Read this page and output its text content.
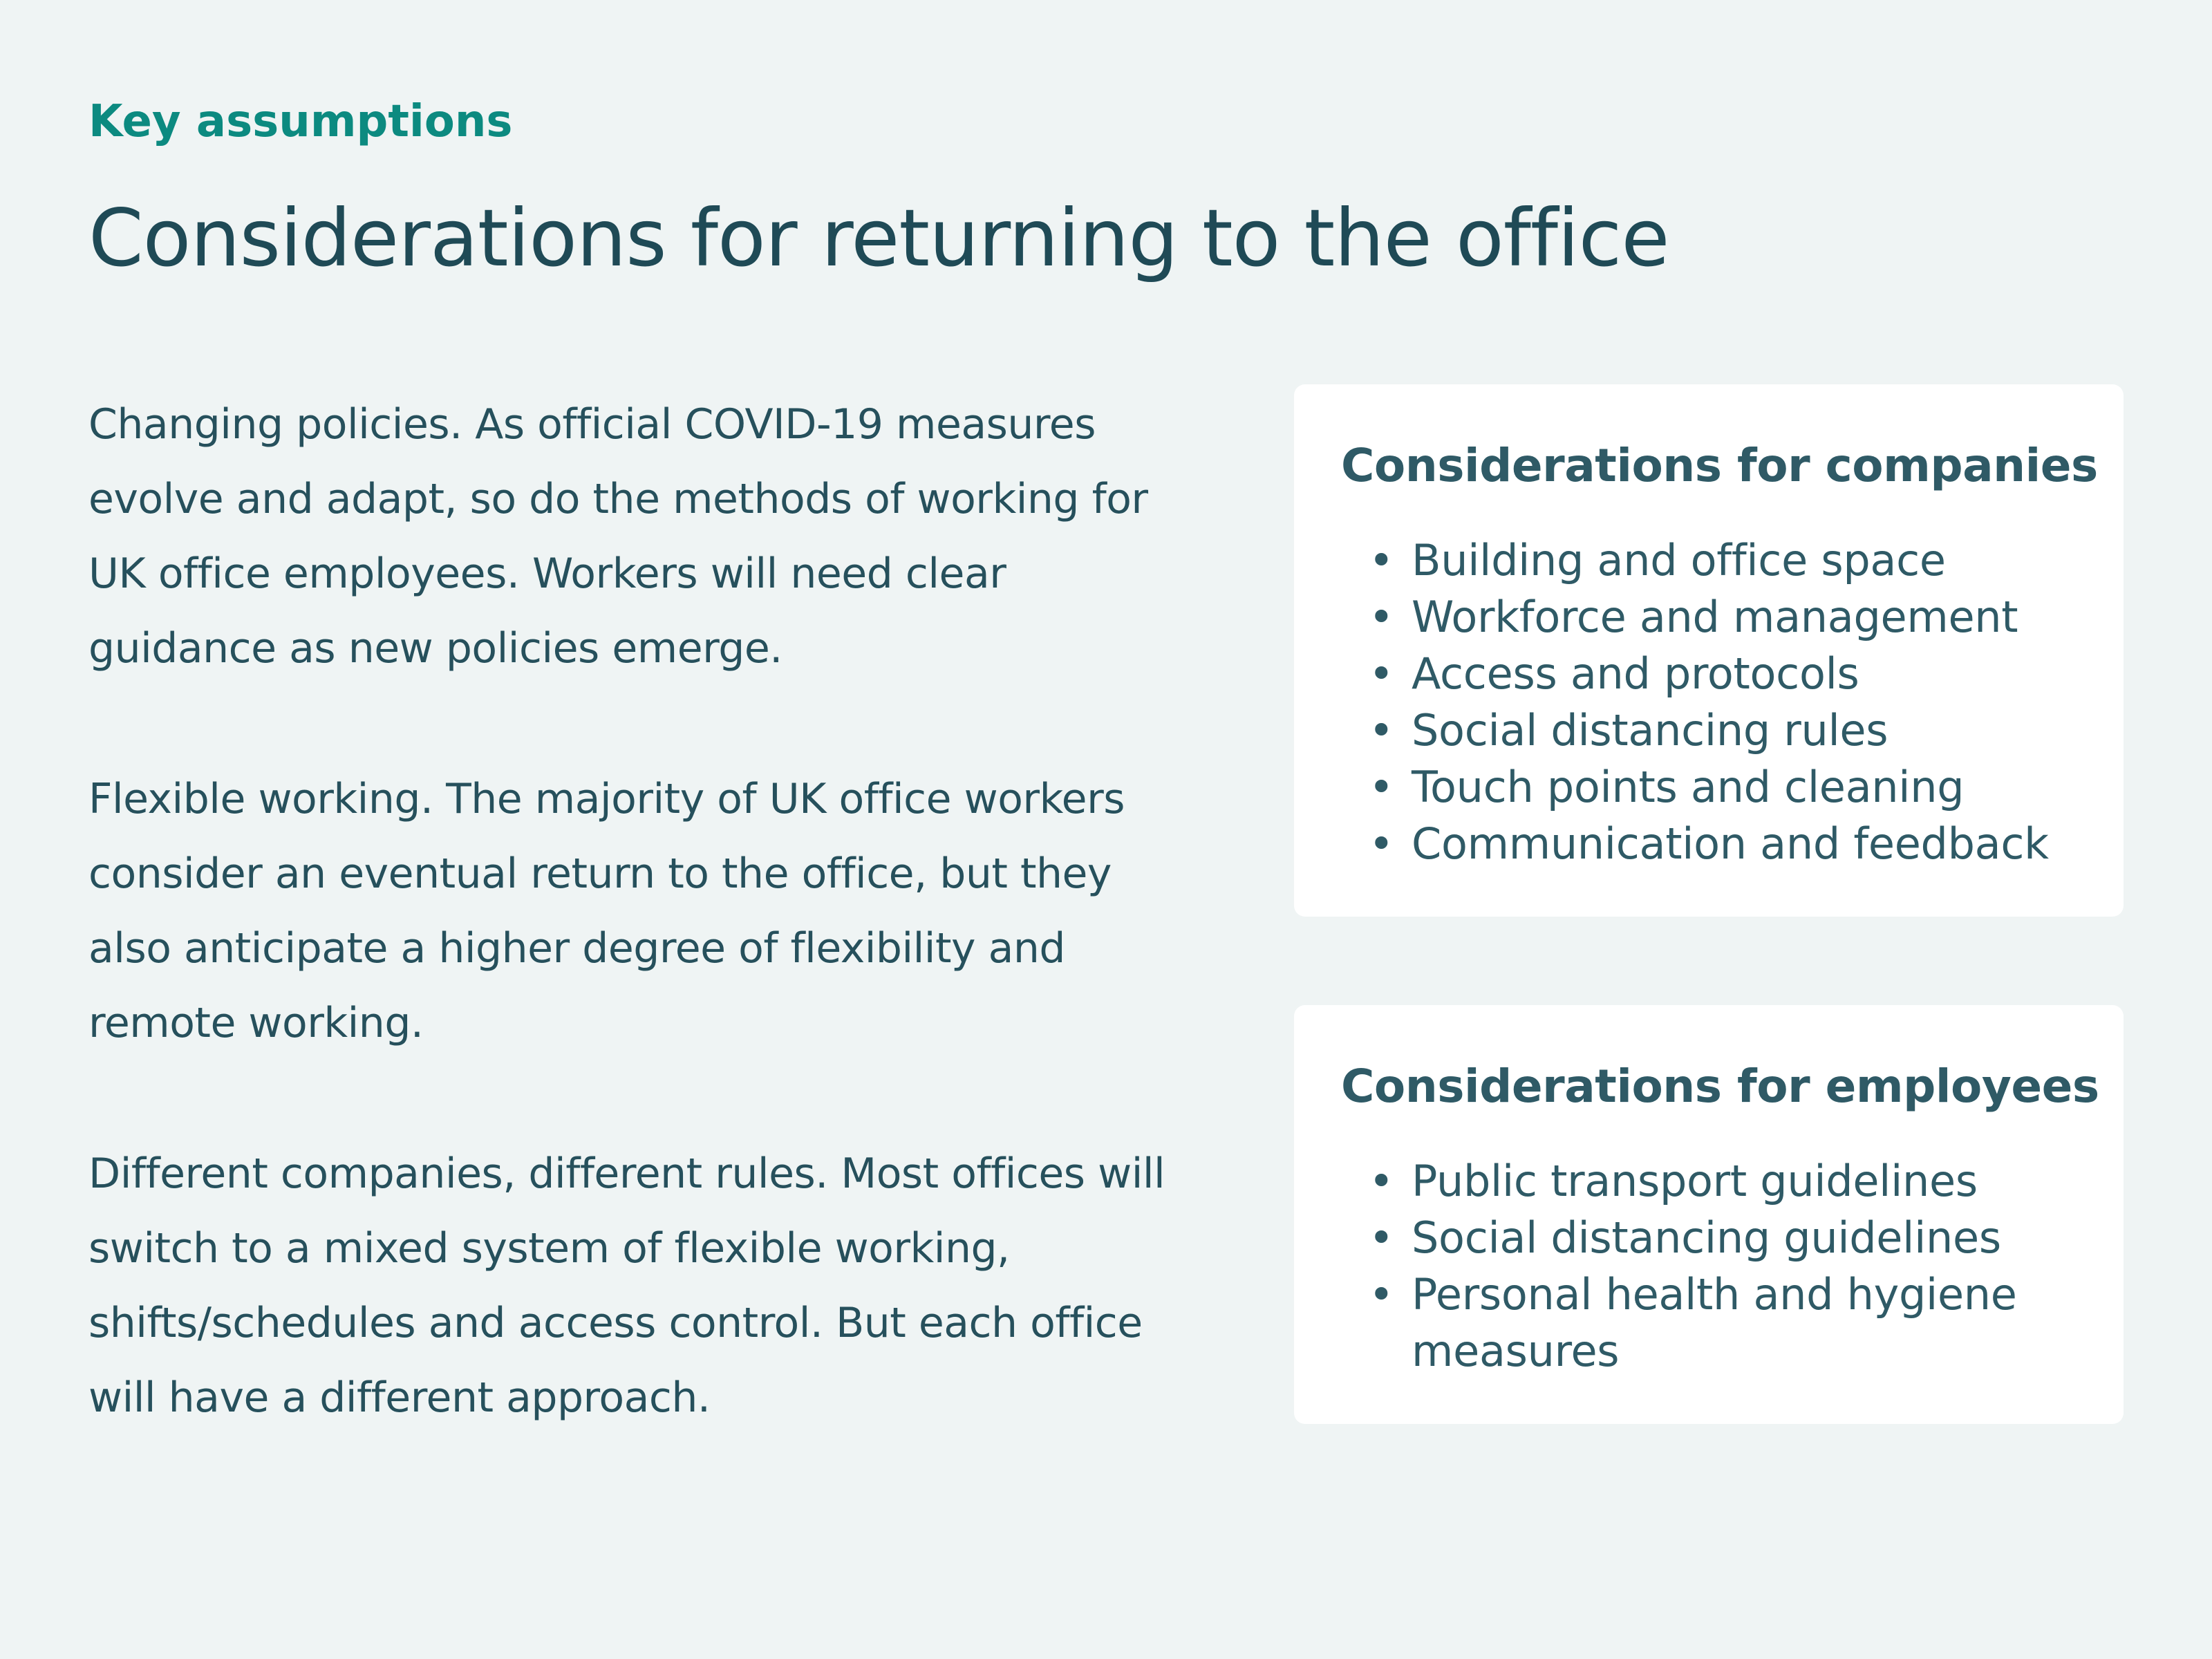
Key assumptions

Considerations for returning to the office

Changing policies. As official COVID-19 measures evolve and adapt, so do the methods of working for UK office employees. Workers will need clear guidance as new policies emerge.

Flexible working. The majority of UK office workers consider an eventual return to the office, but they also anticipate a higher degree of flexibility and remote working.

Different companies, different rules. Most offices will switch to a mixed system of flexible working, shifts/schedules and access control. But each office will have a different approach.

Considerations for companies
• Building and office space
• Workforce and management
• Access and protocols
• Social distancing rules
• Touch points and cleaning
• Communication and feedback
Considerations for employees
• Public transport guidelines
• Social distancing guidelines
• Personal health and hygiene measures
